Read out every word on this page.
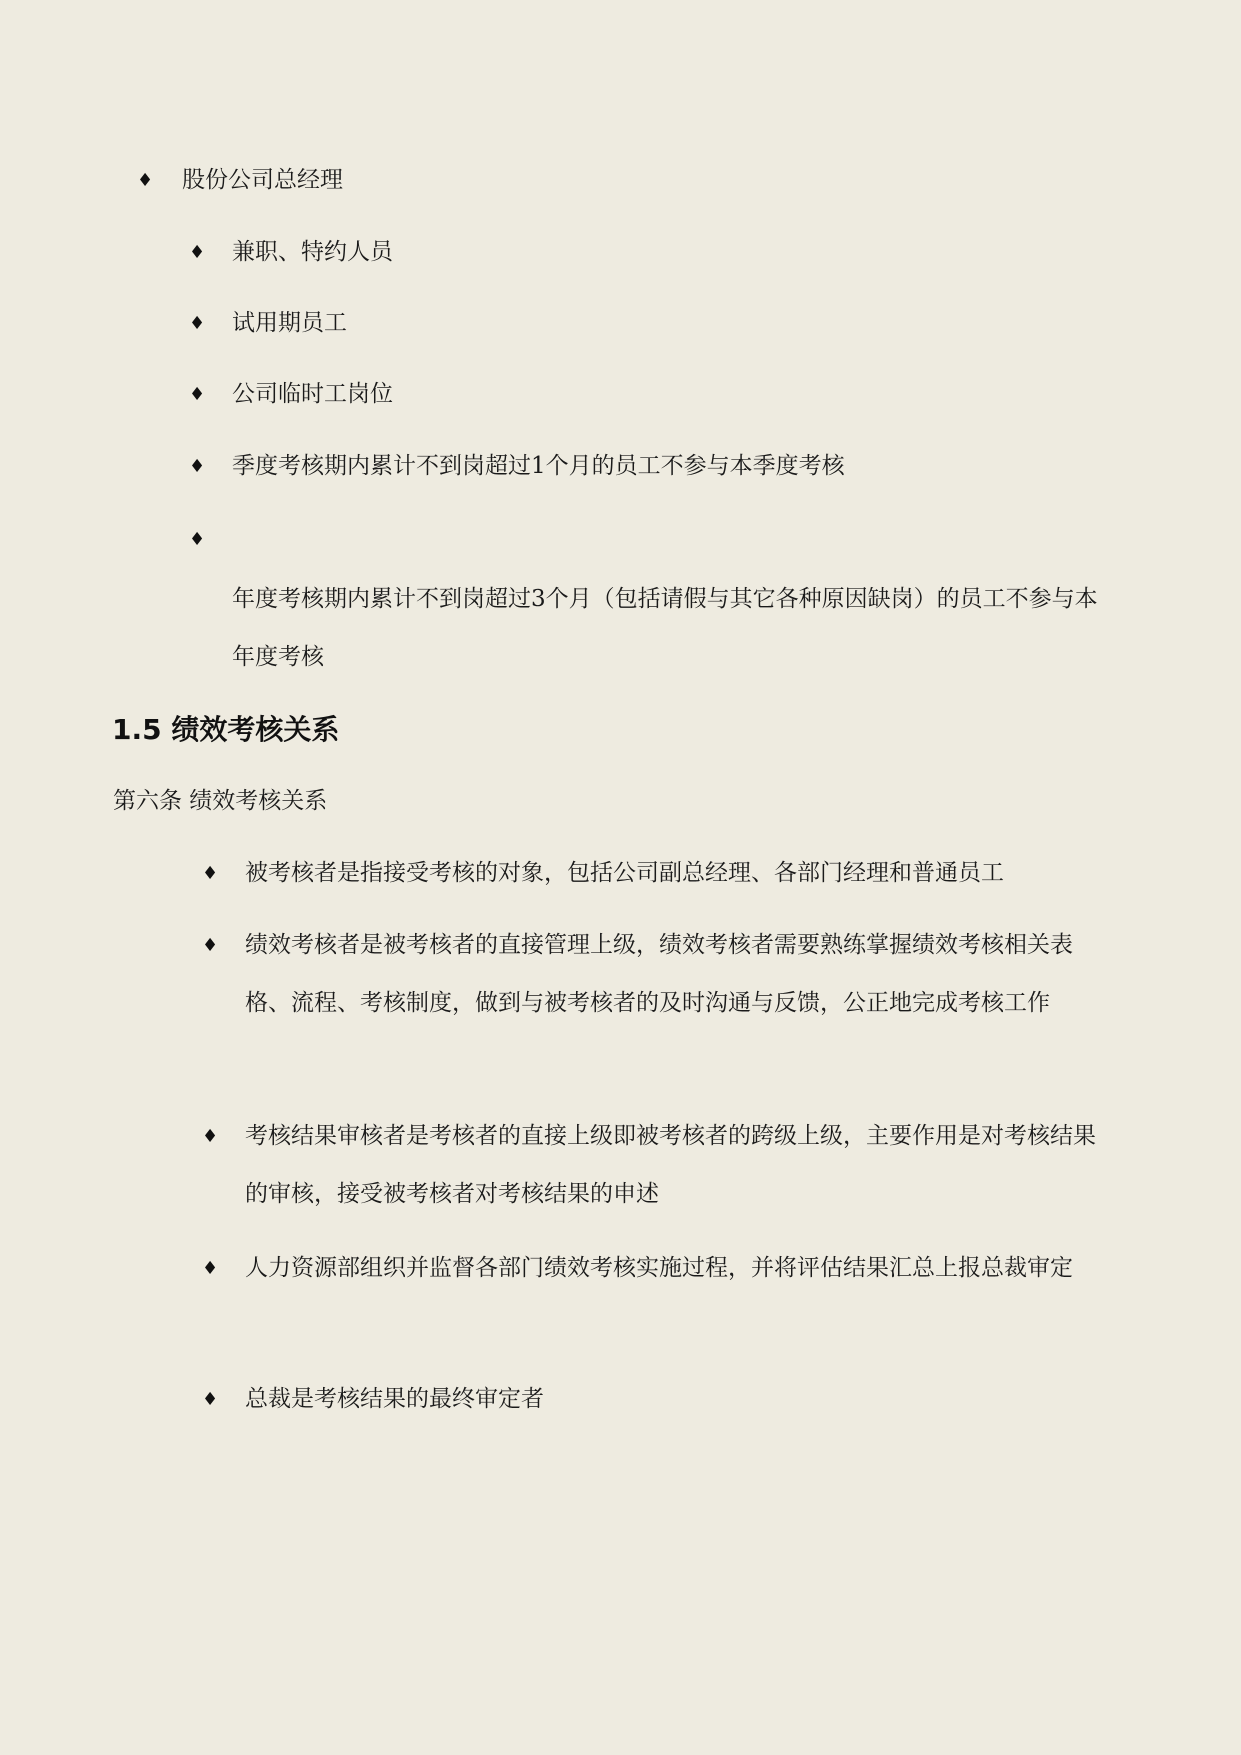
♦ 股份公司总经理
♦ 兼职、特约人员
♦ 试用期员工
♦ 公司临时工岗位
♦ 季度考核期内累计不到岗超过1个月的员工不参与本季度考核
♦
年度考核期内累计不到岗超过3个月（包括请假与其它各种原因缺岗）的员工不参与本年度考核
1.5 绩效考核关系
第六条 绩效考核关系
♦ 被考核者是指接受考核的对象，包括公司副总经理、各部门经理和普通员工
♦ 绩效考核者是被考核者的直接管理上级，绩效考核者需要熟练掌握绩效考核相关表格、流程、考核制度，做到与被考核者的及时沟通与反馈，公正地完成考核工作
♦ 考核结果审核者是考核者的直接上级即被考核者的跨级上级，主要作用是对考核结果的审核，接受被考核者对考核结果的申述
♦ 人力资源部组织并监督各部门绩效考核实施过程，并将评估结果汇总上报总裁审定
♦ 总裁是考核结果的最终审定者
